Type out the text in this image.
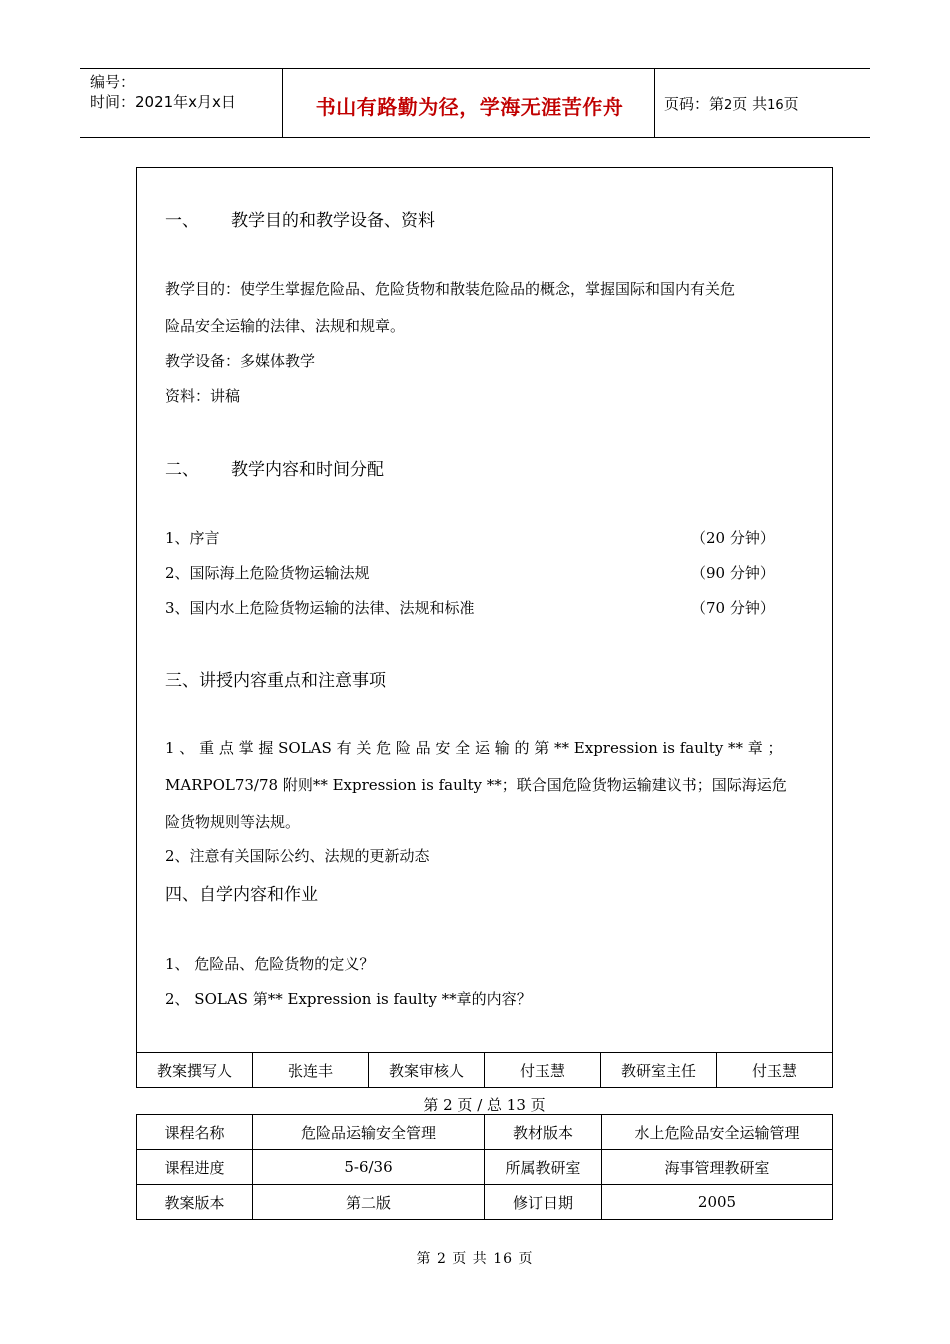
编号：
时间：2021年x月x日	书山有路勤为径，学海无涯苦作舟	页码：第2页 共16页
一、 教学目的和教学设备、资料
教学目的：使学生掌握危险品、危险货物和散装危险品的概念，掌握国际和国内有关危
险品安全运输的法律、法规和规章。
教学设备：多媒体教学
资料：讲稿
二、 教学内容和时间分配
1、序言	（20 分钟）
2、国际海上危险货物运输法规	（90 分钟）
3、国内水上危险货物运输的法律、法规和标准	（70 分钟）
三、讲授内容重点和注意事项
1 、 重 点 掌 握 SOLAS 有 关 危 险 品 安 全 运 输 的 第 ** Expression is faulty ** 章 ；
MARPOL73/78 附则** Expression is faulty **；联合国危险货物运输建议书；国际海运危
险货物规则等法规。
2、注意有关国际公约、法规的更新动态
四、自学内容和作业
1、 危险品、危险货物的定义？
2、 SOLAS 第** Expression is faulty **章的内容？
教案撰写人	张连丰	教案审核人	付玉慧	教研室主任	付玉慧
第 2 页 / 总 13 页
课程名称	危险品运输安全管理	教材版本	水上危险品安全运输管理
课程进度	5-6/36	所属教研室	海事管理教研室
教案版本	第二版	修订日期	2005
第 2 页 共 16 页
